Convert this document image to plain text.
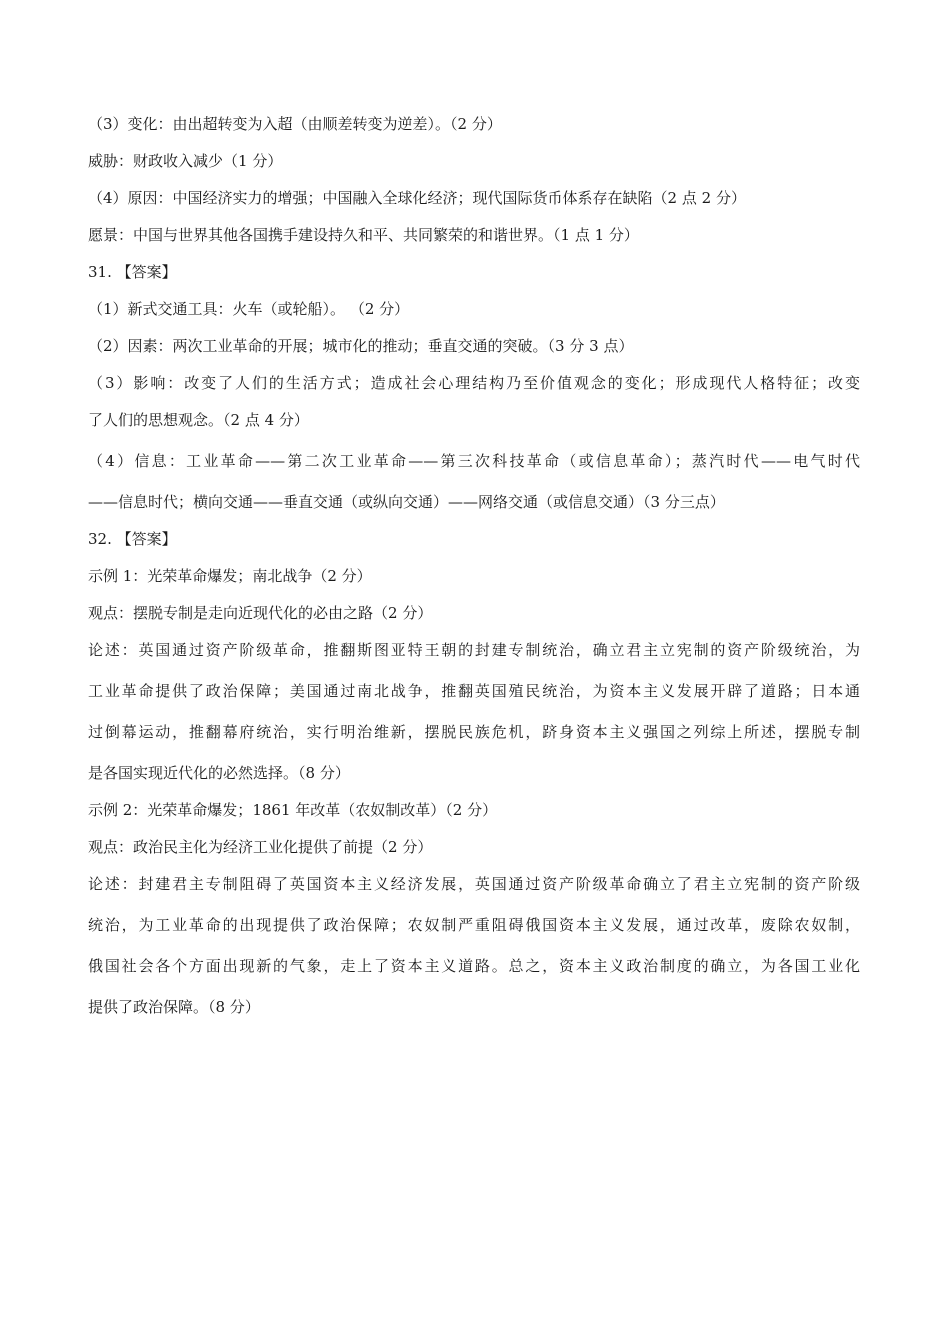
（3）变化：由出超转变为入超（由顺差转变为逆差）。（2 分）

威胁：财政收入减少（1 分）

（4）原因：中国经济实力的增强；中国融入全球化经济；现代国际货币体系存在缺陷（2 点 2 分）

愿景：中国与世界其他各国携手建设持久和平、共同繁荣的和谐世界。（1 点 1 分）

31. 【答案】

（1）新式交通工具：火车（或轮船）。 （2 分）

（2）因素：两次工业革命的开展；城市化的推动；垂直交通的突破。（3 分 3 点）

（3）影响：改变了人们的生活方式；造成社会心理结构乃至价值观念的变化；形成现代人格特征；改变

了人们的思想观念。（2 点 4 分）

（4）信息：工业革命——第二次工业革命——第三次科技革命（或信息革命）；蒸汽时代——电气时代

——信息时代；横向交通——垂直交通（或纵向交通）——网络交通（或信息交通）（3 分三点）

32. 【答案】

示例 1：光荣革命爆发；南北战争（2 分）

观点：摆脱专制是走向近现代化的必由之路（2 分）

论述：英国通过资产阶级革命，推翻斯图亚特王朝的封建专制统治，确立君主立宪制的资产阶级统治，为

工业革命提供了政治保障；美国通过南北战争，推翻英国殖民统治，为资本主义发展开辟了道路；日本通

过倒幕运动，推翻幕府统治，实行明治维新，摆脱民族危机，跻身资本主义强国之列综上所述，摆脱专制

是各国实现近代化的必然选择。（8 分）

示例 2：光荣革命爆发；1861 年改革（农奴制改革）（2 分）

观点：政治民主化为经济工业化提供了前提（2 分）

论述：封建君主专制阻碍了英国资本主义经济发展，英国通过资产阶级革命确立了君主立宪制的资产阶级

统治，为工业革命的出现提供了政治保障；农奴制严重阻碍俄国资本主义发展，通过改革，废除农奴制，

俄国社会各个方面出现新的气象，走上了资本主义道路。总之，资本主义政治制度的确立，为各国工业化

提供了政治保障。（8 分）
